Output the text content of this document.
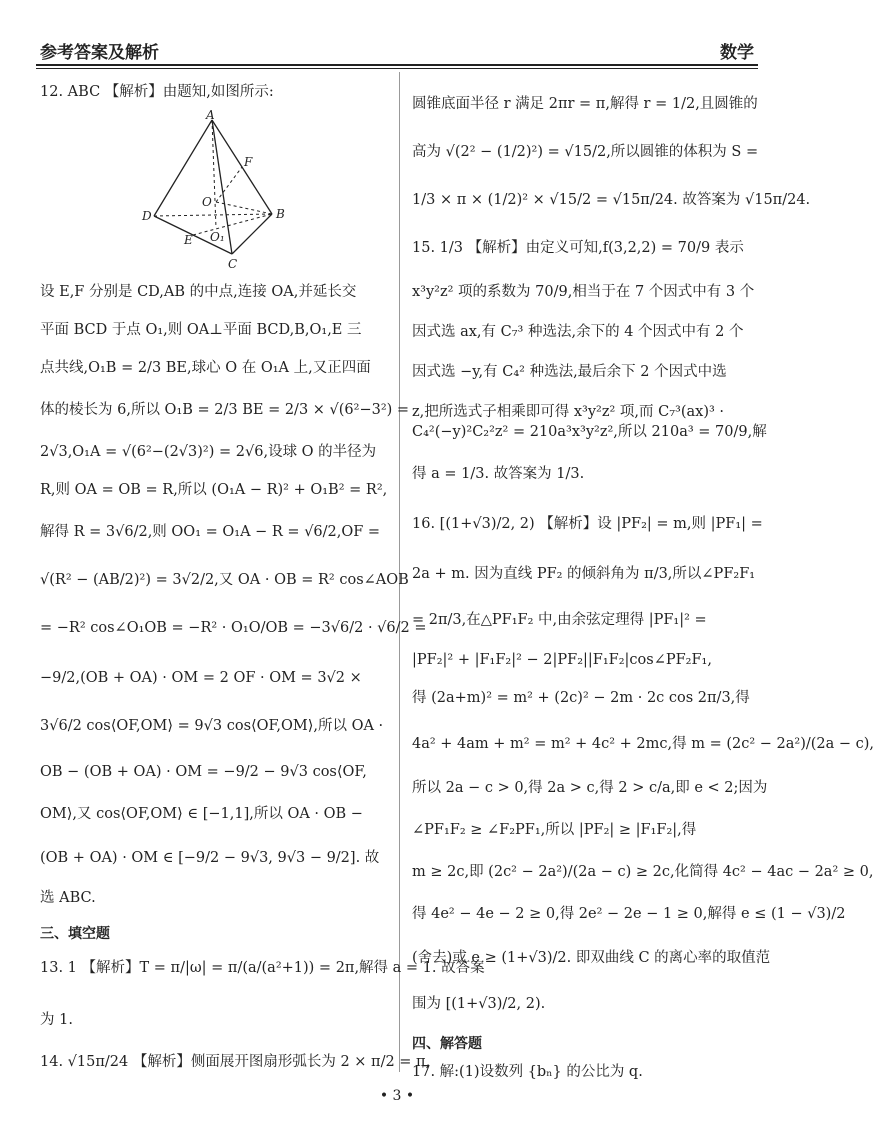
参考答案及解析	数学
12. ABC 【解析】由题知,如图所示:
A
F
O
D	B
E O₁
C
设 E,F 分别是 CD,AB 的中点,连接 OA,并延长交
平面 BCD 于点 O₁,则 OA⊥平面 BCD,B,O₁,E 三
点共线,O₁B = 2/3 BE,球心 O 在 O₁A 上,又正四面
体的棱长为 6,所以 O₁B = 2/3 BE = 2/3 × √(6²−3²) =
2√3,O₁A = √(6²−(2√3)²) = 2√6,设球 O 的半径为
R,则 OA = OB = R,所以 (O₁A − R)² + O₁B² = R²,
解得 R = 3√6/2,则 OO₁ = O₁A − R = √6/2,OF =
√(R² − (AB/2)²) = 3√2/2,又 OA · OB = R² cos∠AOB
= −R² cos∠O₁OB = −R² · O₁O/OB = −3√6/2 · √6/2 =
−9/2,(OB + OA) · OM = 2 OF · OM = 3√2 ×
3√6/2 cos⟨OF,OM⟩ = 9√3 cos⟨OF,OM⟩,所以 OA ·
OB − (OB + OA) · OM = −9/2 − 9√3 cos⟨OF,
OM⟩,又 cos⟨OF,OM⟩ ∈ [−1,1],所以 OA · OB −
(OB + OA) · OM ∈ [−9/2 − 9√3, 9√3 − 9/2]. 故
选 ABC.
三、填空题
13. 1 【解析】T = π/|ω| = π/(a/(a²+1)) = 2π,解得 a = 1. 故答案
为 1.
14. √15π/24 【解析】侧面展开图扇形弧长为 2 × π/2 = π,
圆锥底面半径 r 满足 2πr = π,解得 r = 1/2,且圆锥的
高为 √(2² − (1/2)²) = √15/2,所以圆锥的体积为 S =
1/3 × π × (1/2)² × √15/2 = √15π/24. 故答案为 √15π/24.
15. 1/3 【解析】由定义可知,f(3,2,2) = 70/9 表示
x³y²z² 项的系数为 70/9,相当于在 7 个因式中有 3 个
因式选 ax,有 C₇³ 种选法,余下的 4 个因式中有 2 个
因式选 −y,有 C₄² 种选法,最后余下 2 个因式中选
z,把所选式子相乘即可得 x³y²z² 项,而 C₇³(ax)³ ·
C₄²(−y)²C₂²z² = 210a³x³y²z²,所以 210a³ = 70/9,解
得 a = 1/3. 故答案为 1/3.
16. [(1+√3)/2, 2) 【解析】设 |PF₂| = m,则 |PF₁| =
2a + m. 因为直线 PF₂ 的倾斜角为 π/3,所以∠PF₂F₁
= 2π/3,在△PF₁F₂ 中,由余弦定理得 |PF₁|² =
|PF₂|² + |F₁F₂|² − 2|PF₂||F₁F₂|cos∠PF₂F₁,
得 (2a+m)² = m² + (2c)² − 2m · 2c cos 2π/3,得
4a² + 4am + m² = m² + 4c² + 2mc,得 m = (2c² − 2a²)/(2a − c),
所以 2a − c > 0,得 2a > c,得 2 > c/a,即 e < 2;因为
∠PF₁F₂ ≥ ∠F₂PF₁,所以 |PF₂| ≥ |F₁F₂|,得
m ≥ 2c,即 (2c² − 2a²)/(2a − c) ≥ 2c,化简得 4c² − 4ac − 2a² ≥ 0,
得 4e² − 4e − 2 ≥ 0,得 2e² − 2e − 1 ≥ 0,解得 e ≤ (1 − √3)/2
(舍去)或 e ≥ (1+√3)/2. 即双曲线 C 的离心率的取值范
围为 [(1+√3)/2, 2).
四、解答题
17. 解:(1)设数列 {bₙ} 的公比为 q.
• 3 •
